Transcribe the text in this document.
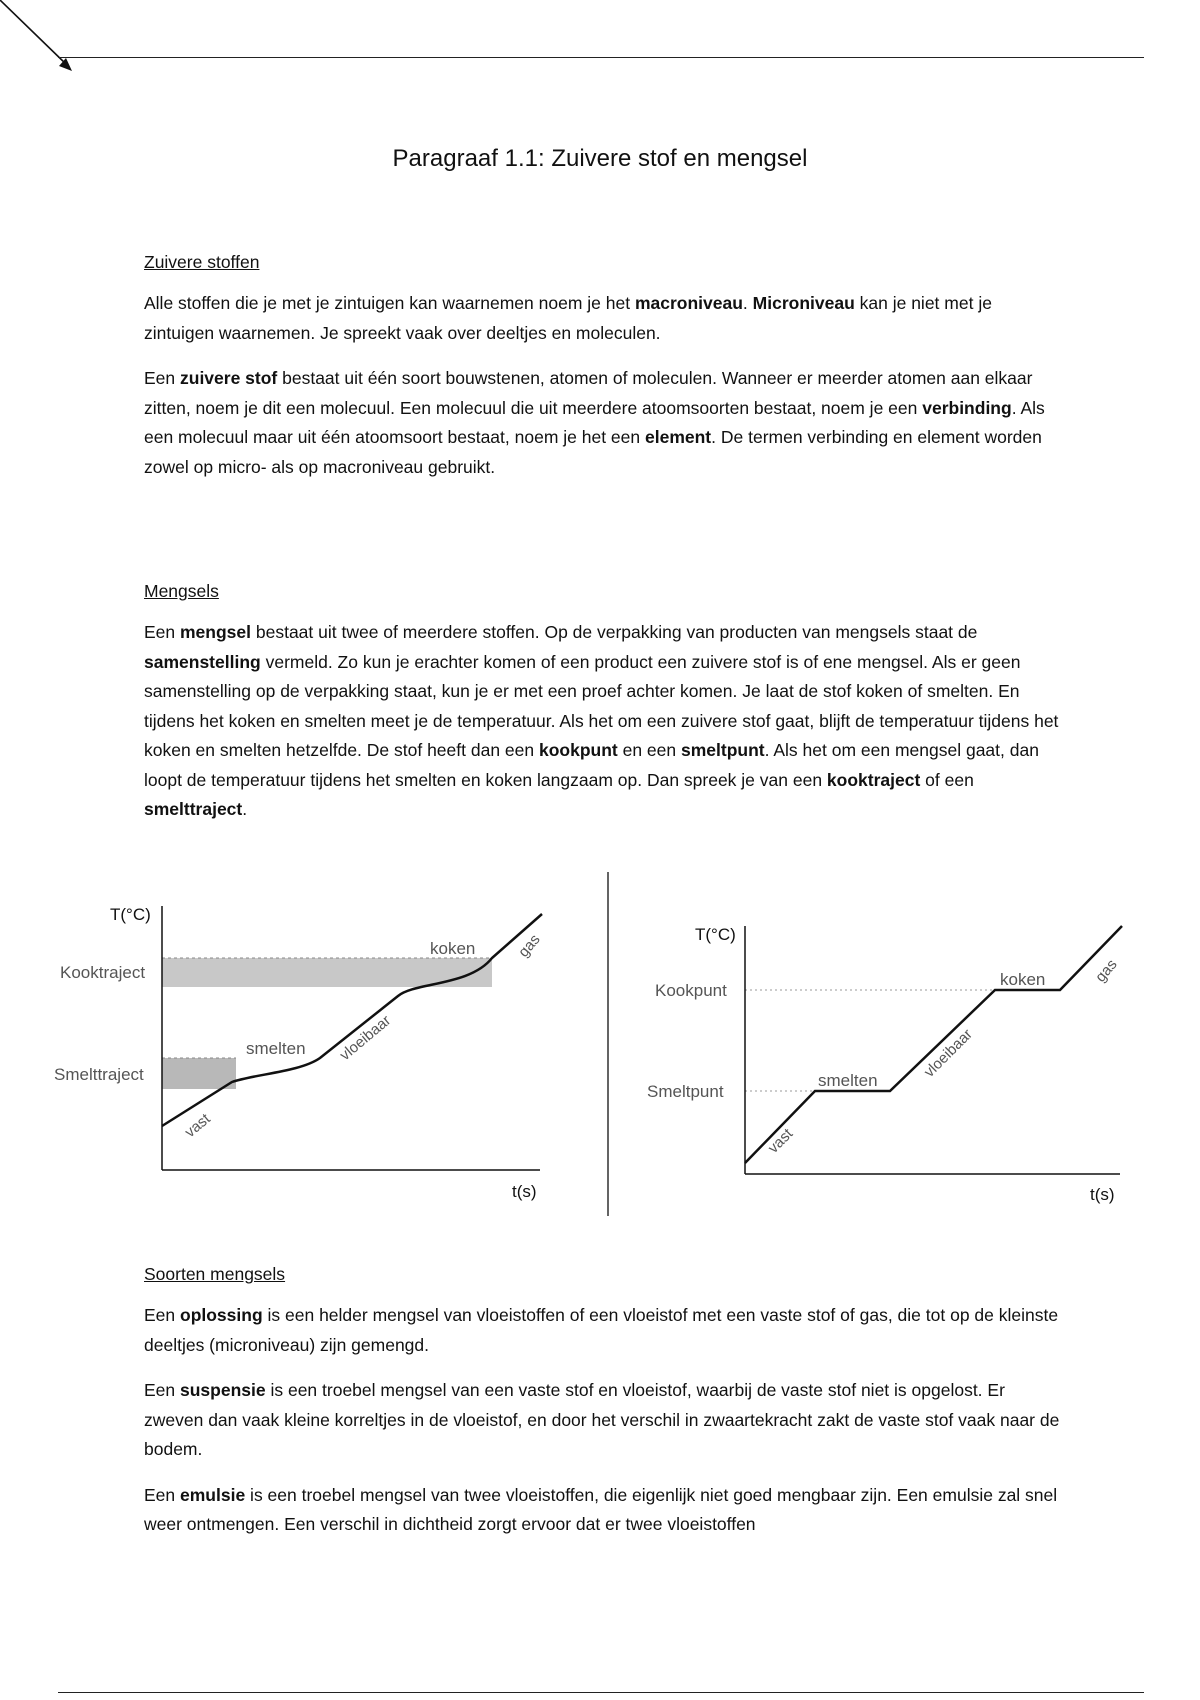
Paragraaf 1.1: Zuivere stof en mengsel
Zuivere stoffen

Alle stoffen die je met je zintuigen kan waarnemen noem je het macroniveau. Microniveau kan je niet met je zintuigen waarnemen. Je spreekt vaak over deeltjes en moleculen.

Een zuivere stof bestaat uit één soort bouwstenen, atomen of moleculen. Wanneer er meerder atomen aan elkaar zitten, noem je dit een molecuul. Een molecuul die uit meerdere atoomsoorten bestaat, noem je een verbinding. Als een molecuul maar uit één atoomsoort bestaat, noem je het een element. De termen verbinding en element worden zowel op micro- als op macroniveau gebruikt.

Mengsels

Een mengsel bestaat uit twee of meerdere stoffen. Op de verpakking van producten van mengsels staat de samenstelling vermeld. Zo kun je erachter komen of een product een zuivere stof is of ene mengsel. Als er geen samenstelling op de verpakking staat, kun je er met een proef achter komen. Je laat de stof koken of smelten. En tijdens het koken en smelten meet je de temperatuur. Als het om een zuivere stof gaat, blijft de temperatuur tijdens het koken en smelten hetzelfde. De stof heeft dan een kookpunt en een smeltpunt. Als het om een mengsel gaat, dan loopt de temperatuur tijdens het smelten en koken langzaam op. Dan spreek je van een kooktraject of een smelttraject.

T(°C)
t(s)
Kooktraject
Smelttraject
vast
smelten vloeibaar
koken	gas	T(°C)
t(s)
Kookpunt
Smeltpunt
vast
smelten	vloeibaar
koken	gas
Soorten mengsels

Een oplossing is een helder mengsel van vloeistoffen of een vloeistof met een vaste stof of gas, die tot op de kleinste deeltjes (microniveau) zijn gemengd.

Een suspensie is een troebel mengsel van een vaste stof en vloeistof, waarbij de vaste stof niet is opgelost. Er zweven dan vaak kleine korreltjes in de vloeistof, en door het verschil in zwaartekracht zakt de vaste stof vaak naar de bodem.

Een emulsie is een troebel mengsel van twee vloeistoffen, die eigenlijk niet goed mengbaar zijn. Een emulsie zal snel weer ontmengen. Een verschil in dichtheid zorgt ervoor dat er twee vloeistoffen
